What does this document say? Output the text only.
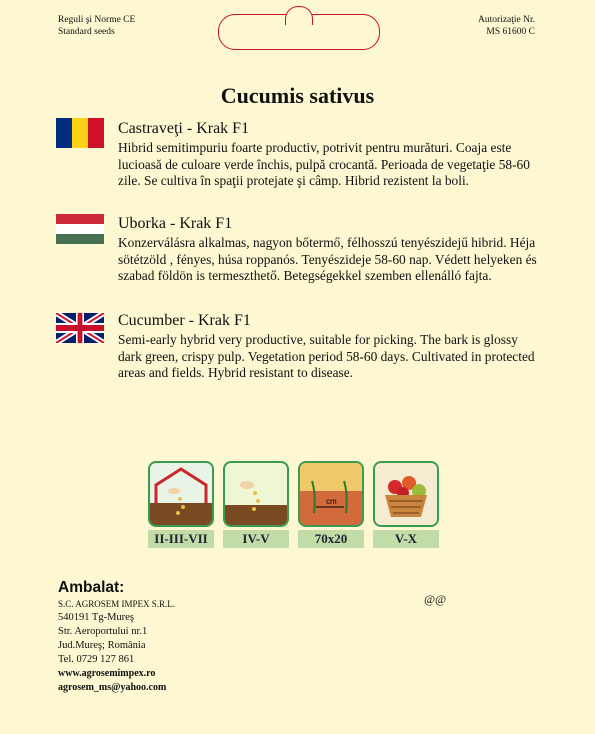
Reguli şi Norme CE
Standard seeds
Autorizaţie Nr.
MS 61600 C
Cucumis sativus
Castraveţi - Krak F1
Hibrid semitimpuriu foarte productiv, potrivit pentru murături. Coaja este lucioasă de culoare verde închis, pulpă crocantă. Perioada de vegetaţie 58-60 zile. Se cultiva în spaţii protejate şi câmp. Hibrid rezistent la boli.
Uborka - Krak F1
Konzerválásra alkalmas, nagyon bőtermő, félhosszú tenyészidejű hibrid. Héja sötétzöld , fényes, húsa roppanós. Tenyészideje 58-60 nap. Védett helyeken és szabad földön is termeszthető. Betegségekkel szemben ellenálló fajta.
Cucumber - Krak F1
Semi-early hybrid very productive, suitable for picking. The bark is glossy dark green, crispy pulp. Vegetation period 58-60 days. Cultivated in protected areas and fields. Hybrid resistant to disease.
II-III-VII	IV-V
cm
70x20	V-X
Ambalat:
S.C. AGROSEM IMPEX S.R.L.
540191 Tg-Mureş
Str. Aeroportului nr.1
Jud.Mureş; România
Tel. 0729 127 861
www.agrosemimpex.ro
agrosem_ms@yahoo.com
@@
